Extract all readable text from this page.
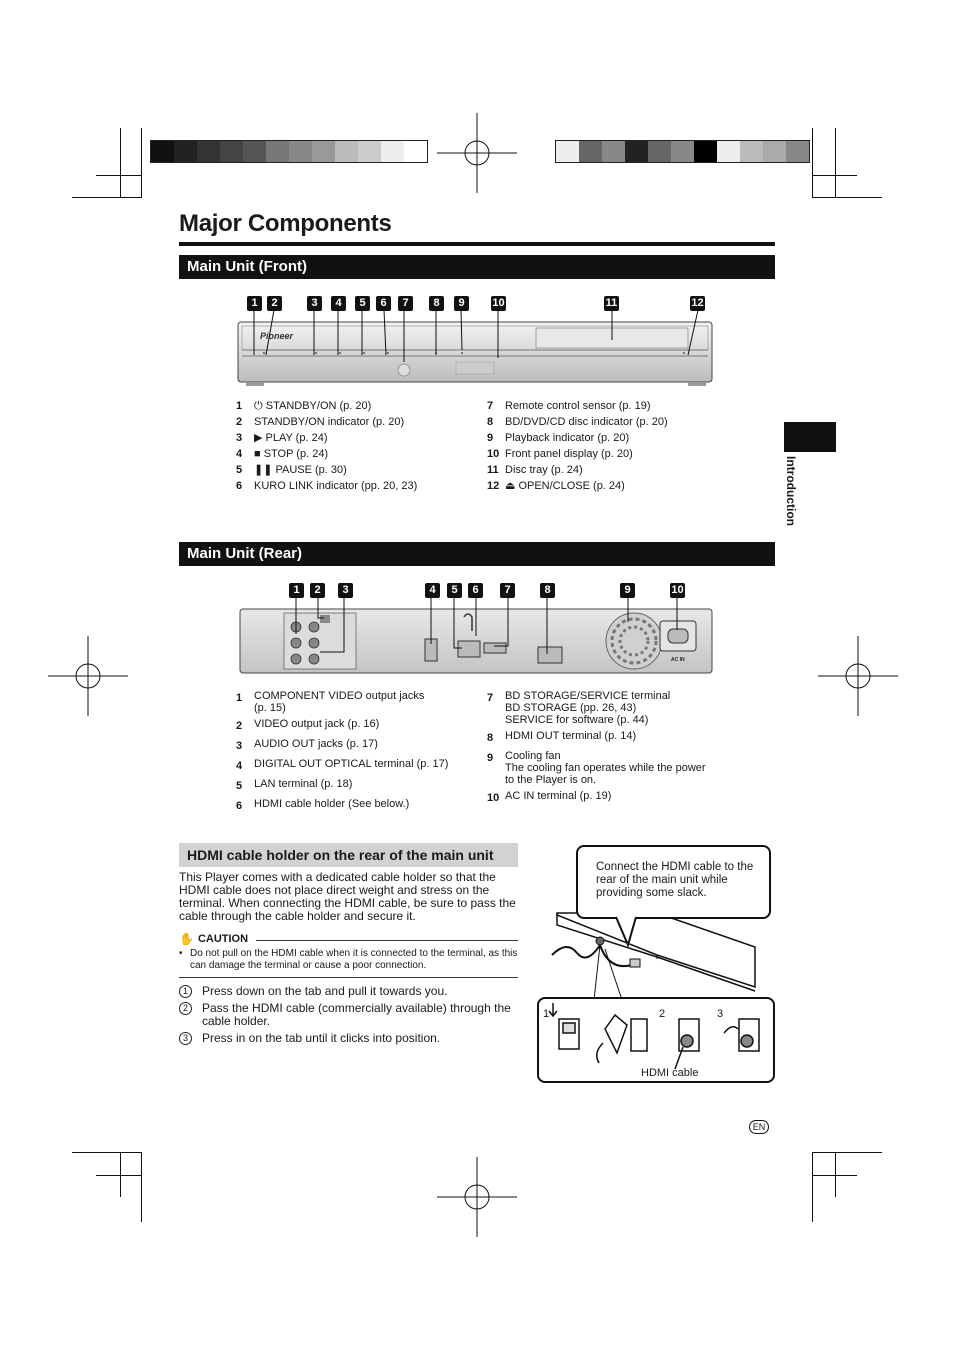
Major Components
Introduction
Main Unit (Front)
1	2	3	4	5	6	7	8	9	10	11	12
Pioneer
1	⏻ STANDBY/ON (p. 20)
2	STANDBY/ON indicator (p. 20)
3	▶ PLAY (p. 24)
4	■ STOP (p. 24)
5	❚❚ PAUSE (p. 30)
6	KURO LINK indicator (pp. 20, 23)
7	Remote control sensor (p. 19)
8	BD/DVD/CD disc indicator (p. 20)
9	Playback indicator (p. 20)
10 Front panel display (p. 20)
11 Disc tray (p. 24)
12 ⏏ OPEN/CLOSE (p. 24)
Main Unit (Rear)
1	2	3	4	5	6	7	8	9	10
AC IN
1	COMPONENT VIDEO output jacks
(p. 15)
2	VIDEO output jack (p. 16)
3	AUDIO OUT jacks (p. 17)
4	DIGITAL OUT OPTICAL terminal (p. 17)
5	LAN terminal (p. 18)
6	HDMI cable holder (See below.)
7	BD STORAGE/SERVICE terminal
BD STORAGE (pp. 26, 43)
SERVICE for software (p. 44)
8	HDMI OUT terminal (p. 14)
9	Cooling fan
The cooling fan operates while the power
to the Player is on.
10 AC IN terminal (p. 19)
HDMI cable holder on the rear of the main unit
This Player comes with a dedicated cable holder so that the HDMI cable does not place direct weight and stress on the terminal. When connecting the HDMI cable, be sure to pass the cable through the cable holder and secure it.
✋ CAUTION
• Do not pull on the HDMI cable when it is connected to the terminal, as this can damage the terminal or cause a poor connection.
1	Press down on the tab and pull it towards you.
2	Pass the HDMI cable (commercially available) through the cable holder.
3	Press in on the tab until it clicks into position.
Connect the HDMI cable to the rear of the main unit while providing some slack.
1	2	3
HDMI cable
EN
